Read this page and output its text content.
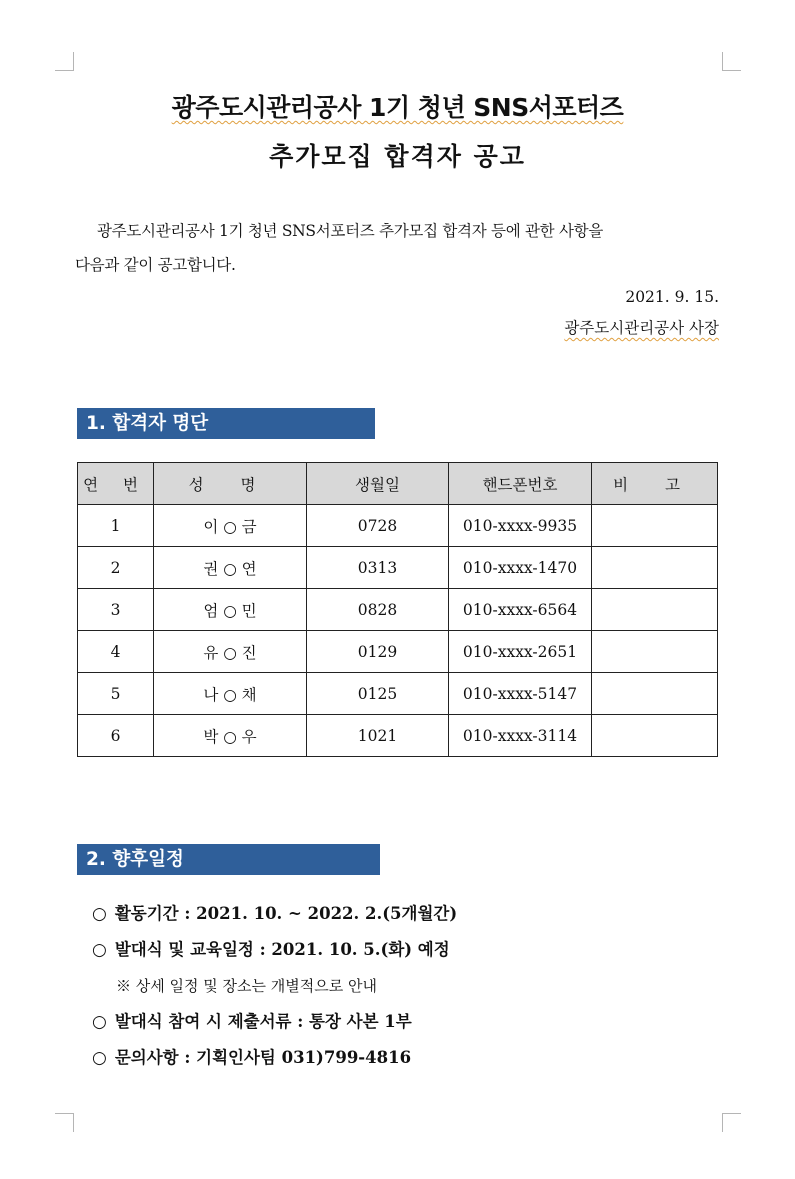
광주도시관리공사 1기 청년 SNS서포터즈
추가모집 합격자 공고
광주도시관리공사 1기 청년 SNS서포터즈 추가모집 합격자 등에 관한 사항을
다음과 같이 공고합니다.
2021. 9. 15.
광주도시관리공사 사장
1. 합격자 명단
연 번	성 명	생월일	핸드폰번호	비 고
1	이 ○ 금	0728	010-xxxx-9935	
2	권 ○ 연	0313	010-xxxx-1470	
3	엄 ○ 민	0828	010-xxxx-6564	
4	유 ○ 진	0129	010-xxxx-2651	
5	나 ○ 채	0125	010-xxxx-5147	
6	박 ○ 우	1021	010-xxxx-3114	
2. 향후일정
○ 활동기간 : 2021. 10. ~ 2022. 2.(5개월간)
○ 발대식 및 교육일정 : 2021. 10. 5.(화) 예정
※ 상세 일정 및 장소는 개별적으로 안내
○ 발대식 참여 시 제출서류 : 통장 사본 1부
○ 문의사항 : 기획인사팀 031)799-4816
